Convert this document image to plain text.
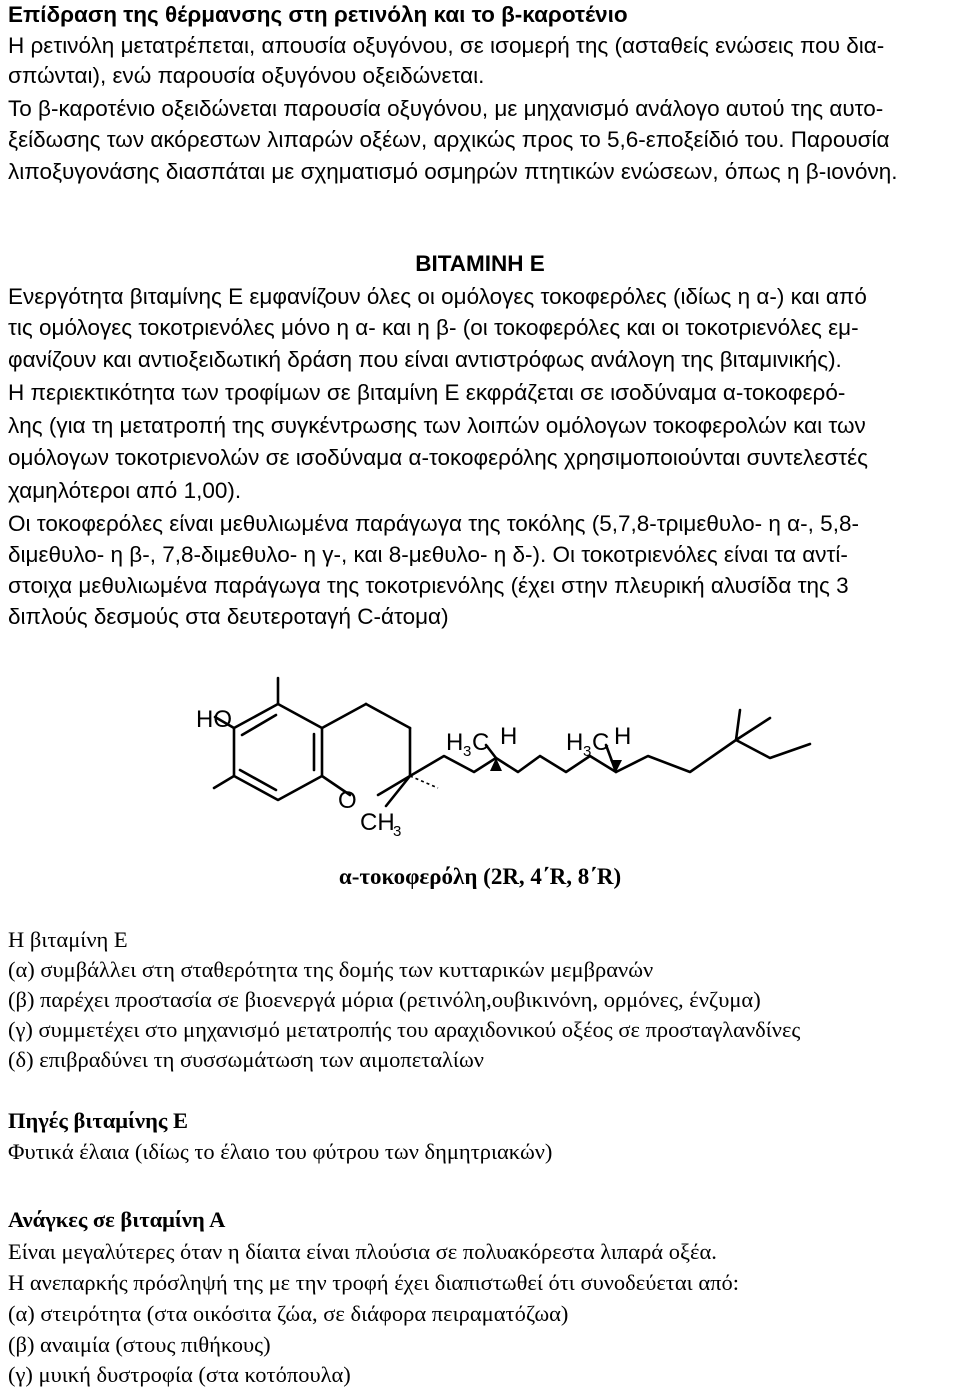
Επίδραση της θέρμανσης στη ρετινόλη και το β-καροτένιο
Η ρετινόλη μετατρέπεται, απουσία οξυγόνου, σε ισομερή της (ασταθείς ενώσεις που δια-
σπώνται), ενώ παρουσία οξυγόνου οξειδώνεται.
Το β-καροτένιο οξειδώνεται παρουσία οξυγόνου, με μηχανισμό ανάλογο αυτού της αυτο-
ξείδωσης των ακόρεστων λιπαρών οξέων, αρχικώς προς το 5,6-εποξείδιό του. Παρουσία
λιποξυγονάσης διασπάται με σχηματισμό οσμηρών πτητικών ενώσεων, όπως η β-ιονόνη.
ΒΙΤΑΜΙΝΗ Ε
Ενεργότητα βιταμίνης Ε εμφανίζουν όλες οι ομόλογες τοκοφερόλες (ιδίως η α-) και από
τις ομόλογες τοκοτριενόλες μόνο η α- και η β- (οι τοκοφερόλες και οι τοκοτριενόλες εμ-
φανίζουν και αντιοξειδωτική δράση που είναι αντιστρόφως ανάλογη της βιταμινικής).
Η περιεκτικότητα των τροφίμων σε βιταμίνη Ε εκφράζεται σε ισοδύναμα α-τοκοφερό-
λης (για τη μετατροπή της συγκέντρωσης των λοιπών ομόλογων τοκοφερολών και των
ομόλογων τοκοτριενολών σε ισοδύναμα α-τοκοφερόλης χρησιμοποιούνται συντελεστές
χαμηλότεροι από 1,00).
Οι τοκοφερόλες είναι μεθυλιωμένα παράγωγα της τοκόλης (5,7,8-τριμεθυλο- η α-, 5,8-
διμεθυλο- η β-, 7,8-διμεθυλο- η γ-, και 8-μεθυλο- η δ-). Οι τοκοτριενόλες είναι τα αντί-
στοιχα μεθυλιωμένα παράγωγα της τοκοτριενόλης (έχει στην πλευρική αλυσίδα της 3
διπλούς δεσμούς στα δευτεροταγή C-άτομα)
HO
O
CH
3
H 3 C H H 3 C H
α-τοκοφερόλη (2R, 4΄R, 8΄R)
Η βιταμίνη Ε
(α) συμβάλλει στη σταθερότητα της δομής των κυτταρικών μεμβρανών
(β) παρέχει προστασία σε βιοενεργά μόρια (ρετινόλη,ουβικινόνη, ορμόνες, ένζυμα)
(γ) συμμετέχει στο μηχανισμό μετατροπής του αραχιδονικού οξέος σε προσταγλανδίνες
(δ) επιβραδύνει τη συσσωμάτωση των αιμοπεταλίων
Πηγές βιταμίνης Ε
Φυτικά έλαια (ιδίως το έλαιο του φύτρου των δημητριακών)
Ανάγκες σε βιταμίνη Α
Είναι μεγαλύτερες όταν η δίαιτα είναι πλούσια σε πολυακόρεστα λιπαρά οξέα.
Η ανεπαρκής πρόσληψή της με την τροφή έχει διαπιστωθεί ότι συνοδεύεται από:
(α) στειρότητα (στα οικόσιτα ζώα, σε διάφορα πειραματόζωα)
(β) αναιμία (στους πιθήκους)
(γ) μυική δυστροφία (στα κοτόπουλα)
